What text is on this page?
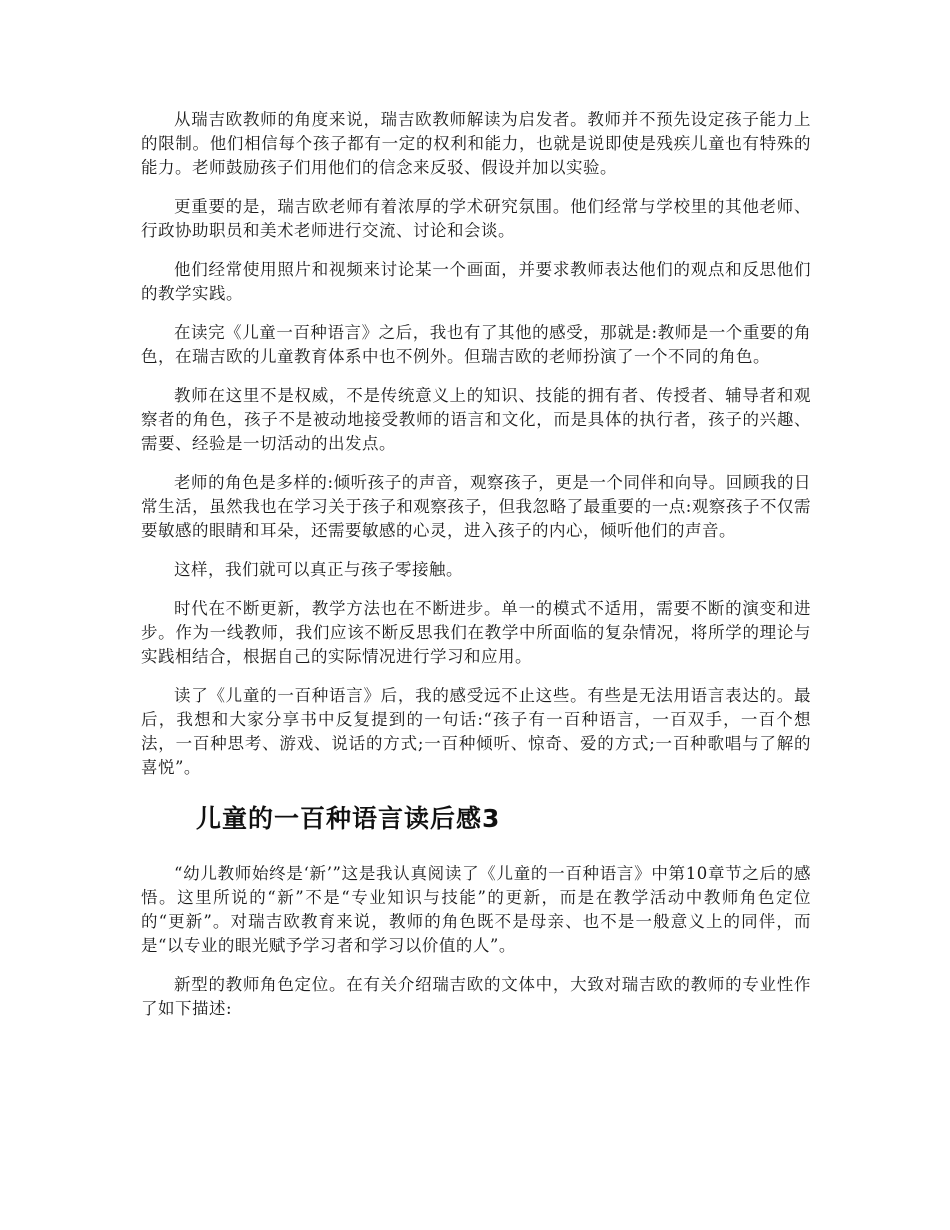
从瑞吉欧教师的角度来说，瑞吉欧教师解读为启发者。教师并不预先设定孩子能力上的限制。他们相信每个孩子都有一定的权利和能力，也就是说即使是残疾儿童也有特殊的能力。老师鼓励孩子们用他们的信念来反驳、假设并加以实验。

更重要的是，瑞吉欧老师有着浓厚的学术研究氛围。他们经常与学校里的其他老师、行政协助职员和美术老师进行交流、讨论和会谈。

他们经常使用照片和视频来讨论某一个画面，并要求教师表达他们的观点和反思他们的教学实践。

在读完《儿童一百种语言》之后，我也有了其他的感受，那就是:教师是一个重要的角色，在瑞吉欧的儿童教育体系中也不例外。但瑞吉欧的老师扮演了一个不同的角色。

教师在这里不是权威，不是传统意义上的知识、技能的拥有者、传授者、辅导者和观察者的角色，孩子不是被动地接受教师的语言和文化，而是具体的执行者，孩子的兴趣、需要、经验是一切活动的出发点。

老师的角色是多样的:倾听孩子的声音，观察孩子，更是一个同伴和向导。回顾我的日常生活，虽然我也在学习关于孩子和观察孩子，但我忽略了最重要的一点:观察孩子不仅需要敏感的眼睛和耳朵，还需要敏感的心灵，进入孩子的内心，倾听他们的声音。

这样，我们就可以真正与孩子零接触。

时代在不断更新，教学方法也在不断进步。单一的模式不适用，需要不断的演变和进步。作为一线教师，我们应该不断反思我们在教学中所面临的复杂情况，将所学的理论与实践相结合，根据自己的实际情况进行学习和应用。

读了《儿童的一百种语言》后，我的感受远不止这些。有些是无法用语言表达的。最后，我想和大家分享书中反复提到的一句话:“孩子有一百种语言，一百双手，一百个想法，一百种思考、游戏、说话的方式;一百种倾听、惊奇、爱的方式;一百种歌唱与了解的喜悦”。

儿童的一百种语言读后感3

“幼儿教师始终是‘新’”这是我认真阅读了《儿童的一百种语言》中第10章节之后的感悟。这里所说的“新”不是“专业知识与技能”的更新，而是在教学活动中教师角色定位的“更新”。对瑞吉欧教育来说，教师的角色既不是母亲、也不是一般意义上的同伴，而是“以专业的眼光赋予学习者和学习以价值的人”。

新型的教师角色定位。在有关介绍瑞吉欧的文体中，大致对瑞吉欧的教师的专业性作了如下描述:
